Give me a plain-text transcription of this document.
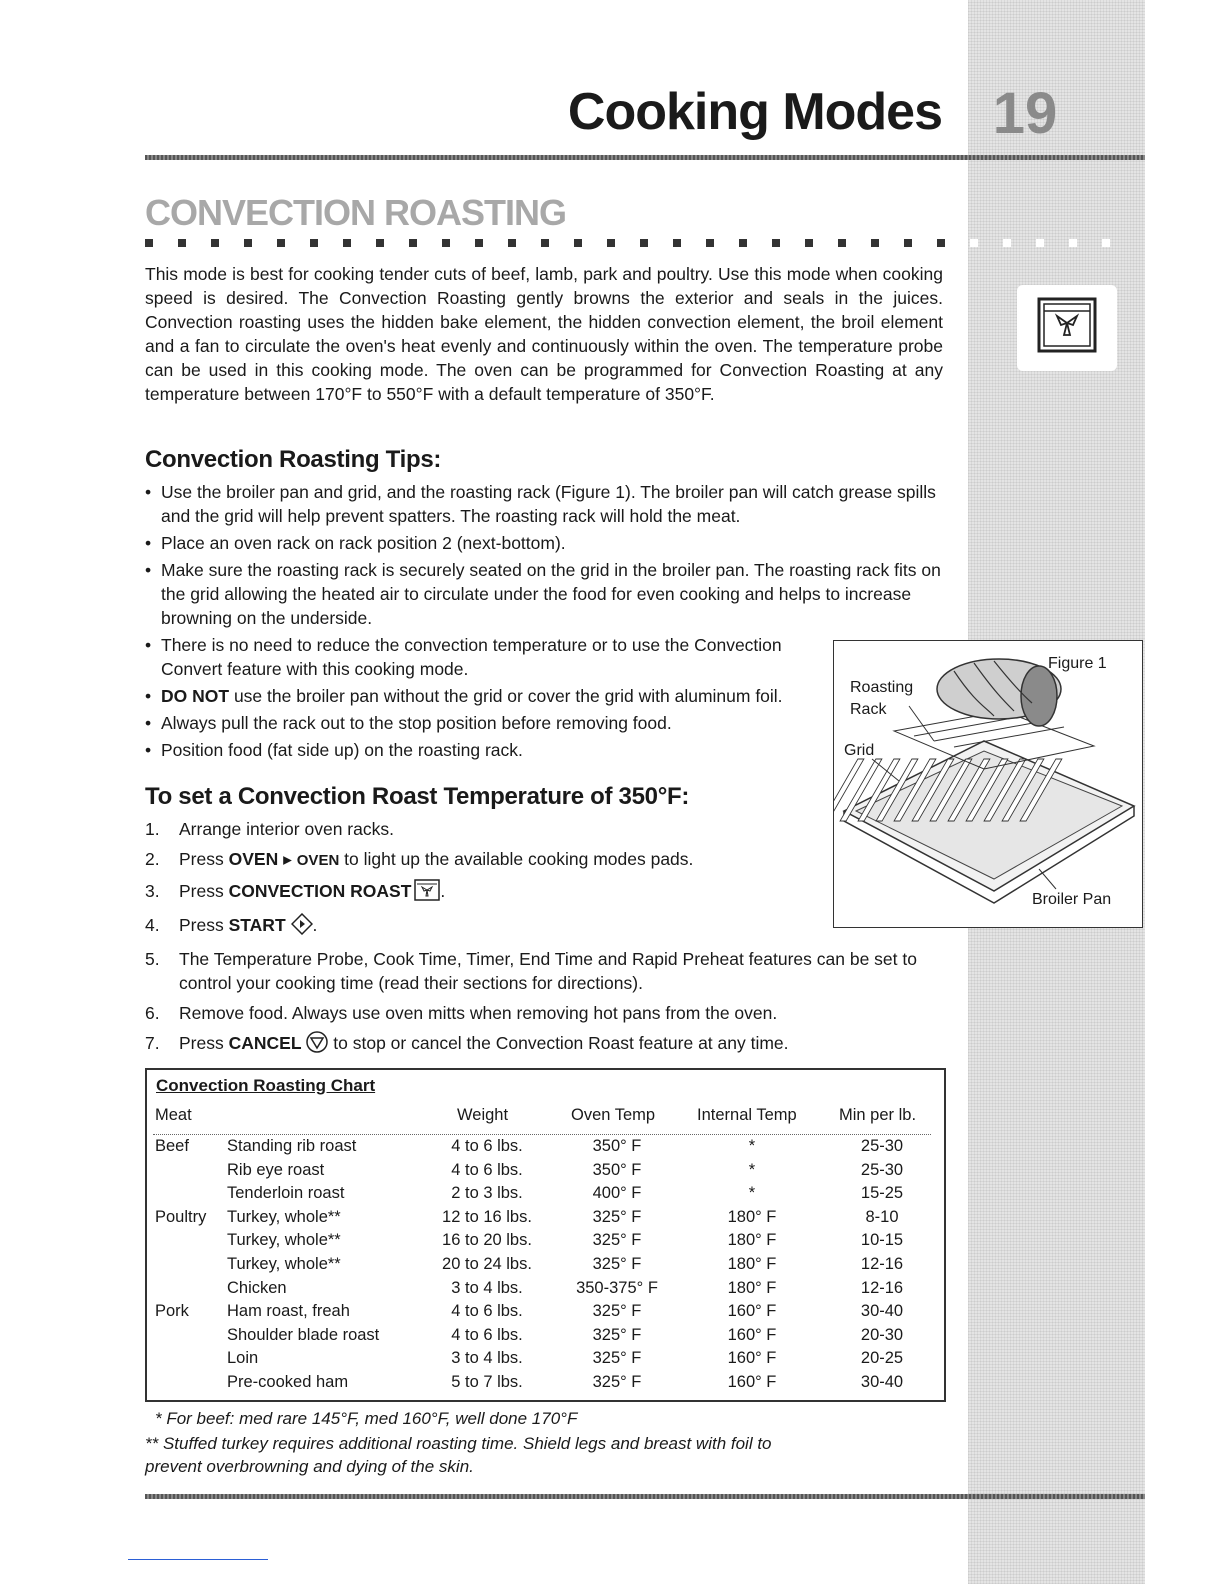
Cooking Modes 19
CONVECTION ROASTING

This mode is best for cooking tender cuts of beef, lamb, park and poultry. Use this mode when cooking speed is desired. The Convection Roasting gently browns the exterior and seals in the juices. Convection roasting uses the hidden bake element, the hidden convection element, the broil element and a fan to circulate the oven's heat evenly and continuously within the oven. The temperature probe can be used in this cooking mode. The oven can be programmed for Convection Roasting at any temperature between 170°F to 550°F with a default temperature of 350°F.

Convection Roasting Tips:
• Use the broiler pan and grid, and the roasting rack (Figure 1). The broiler pan will catch grease spills and the grid will help prevent spatters. The roasting rack will hold the meat.
• Place an oven rack on rack position 2 (next-bottom).
• Make sure the roasting rack is securely seated on the grid in the broiler pan. The roasting rack fits on the grid allowing the heated air to circulate under the food for even cooking and helps to increase browning on the underside.
• There is no need to reduce the convection temperature or to use the Convection Convert feature with this cooking mode.
• DO NOT use the broiler pan without the grid or cover the grid with aluminum foil.
• Always pull the rack out to the stop position before removing food.
• Position food (fat side up) on the roasting rack.
To set a Convection Roast Temperature of 350°F:
1. Arrange interior oven racks.
2. Press OVEN ▸ OVEN to light up the available cooking modes pads.
3. Press CONVECTION ROAST .
4. Press START .
5. The Temperature Probe, Cook Time, Timer, End Time and Rapid Preheat features can be set to control your cooking time (read their sections for directions).
6. Remove food. Always use oven mitts when removing hot pans from the oven.
7. Press CANCEL  to stop or cancel the Convection Roast feature at any time.
Figure 1
Roasting
Rack
Grid
Broiler Pan
Convection Roasting Chart
Meat	Weight	Oven Temp	Internal Temp	Min per lb.
Beef Standing rib roast	4 to 6 lbs.	350° F	*	25-30
Rib eye roast	4 to 6 lbs.	350° F	*	25-30
Tenderloin roast	2 to 3 lbs.	400° F	*	15-25
Poultry Turkey, whole**	12 to 16 lbs.	325° F	180° F	8-10
Turkey, whole**	16 to 20 lbs.	325° F	180° F	10-15
Turkey, whole**	20 to 24 lbs.	325° F	180° F	12-16
Chicken	3 to 4 lbs.	350-375° F	180° F	12-16
Pork Ham roast, freah	4 to 6 lbs.	325° F	160° F	30-40
Shoulder blade roast	4 to 6 lbs.	325° F	160° F	20-30
Loin	3 to 4 lbs.	325° F	160° F	20-25
Pre-cooked ham	5 to 7 lbs.	325° F	160° F	30-40
* For beef: med rare 145°F, med 160°F, well done 170°F
** Stuffed turkey requires additional roasting time. Shield legs and breast with foil to
prevent overbrowning and dying of the skin.
